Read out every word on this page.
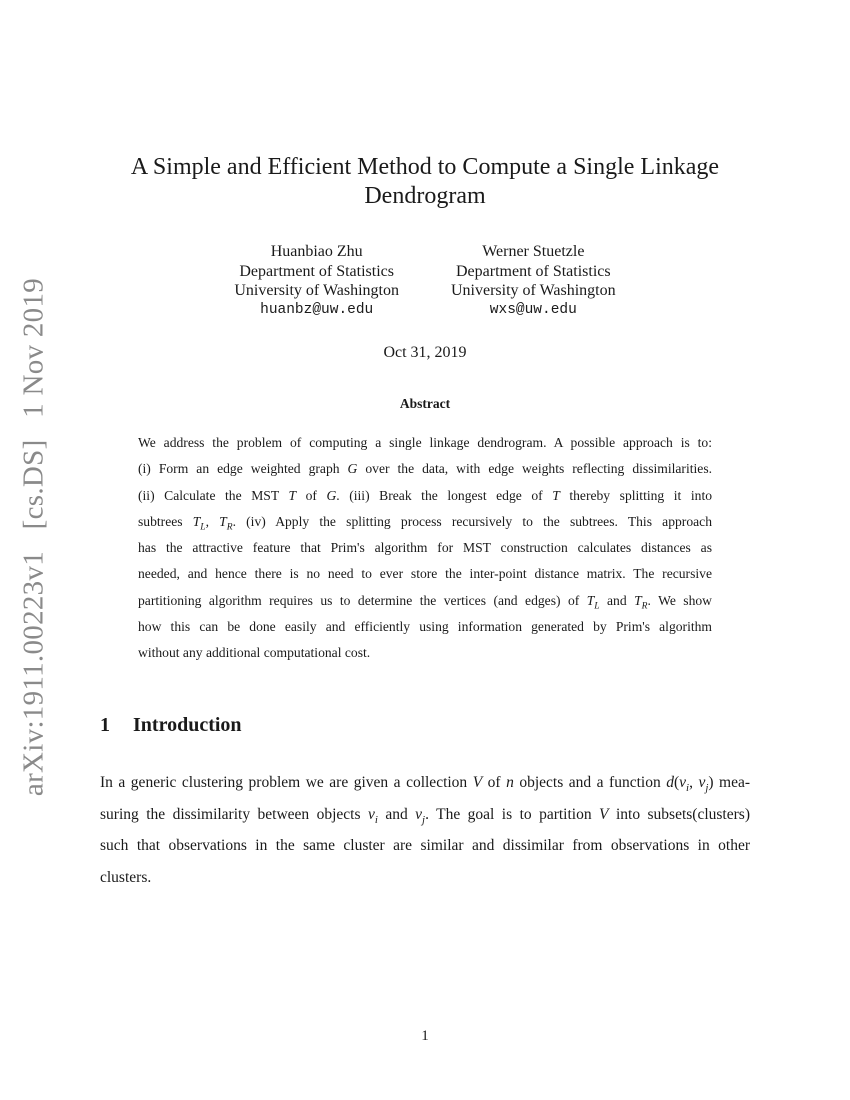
arXiv:1911.00223v1 [cs.DS] 1 Nov 2019
A Simple and Efficient Method to Compute a Single Linkage Dendrogram
Huanbiao Zhu
Department of Statistics
University of Washington
huanbz@uw.edu
Werner Stuetzle
Department of Statistics
University of Washington
wxs@uw.edu
Oct 31, 2019
Abstract

We address the problem of computing a single linkage dendrogram. A possible approach is to:
(i) Form an edge weighted graph G over the data, with edge weights reflecting dissimilarities.
(ii) Calculate the MST T of G. (iii) Break the longest edge of T thereby splitting it into
subtrees $T_L$, $T_R$. (iv) Apply the splitting process recursively to the subtrees. This approach
has the attractive feature that Prim's algorithm for MST construction calculates distances as
needed, and hence there is no need to ever store the inter-point distance matrix. The recursive
partitioning algorithm requires us to determine the vertices (and edges) of $T_L$ and $T_R$. We show
how this can be done easily and efficiently using information generated by Prim's algorithm
without any additional computational cost.

1 Introduction

In a generic clustering problem we are given a collection V of n objects and a function $d(v_i$, $v_j$) mea-
suring the dissimilarity between objects $v_i$ and $v_j$. The goal is to partition V into subsets(clusters)
such that observations in the same cluster are similar and dissimilar from observations in other
clusters.

1
